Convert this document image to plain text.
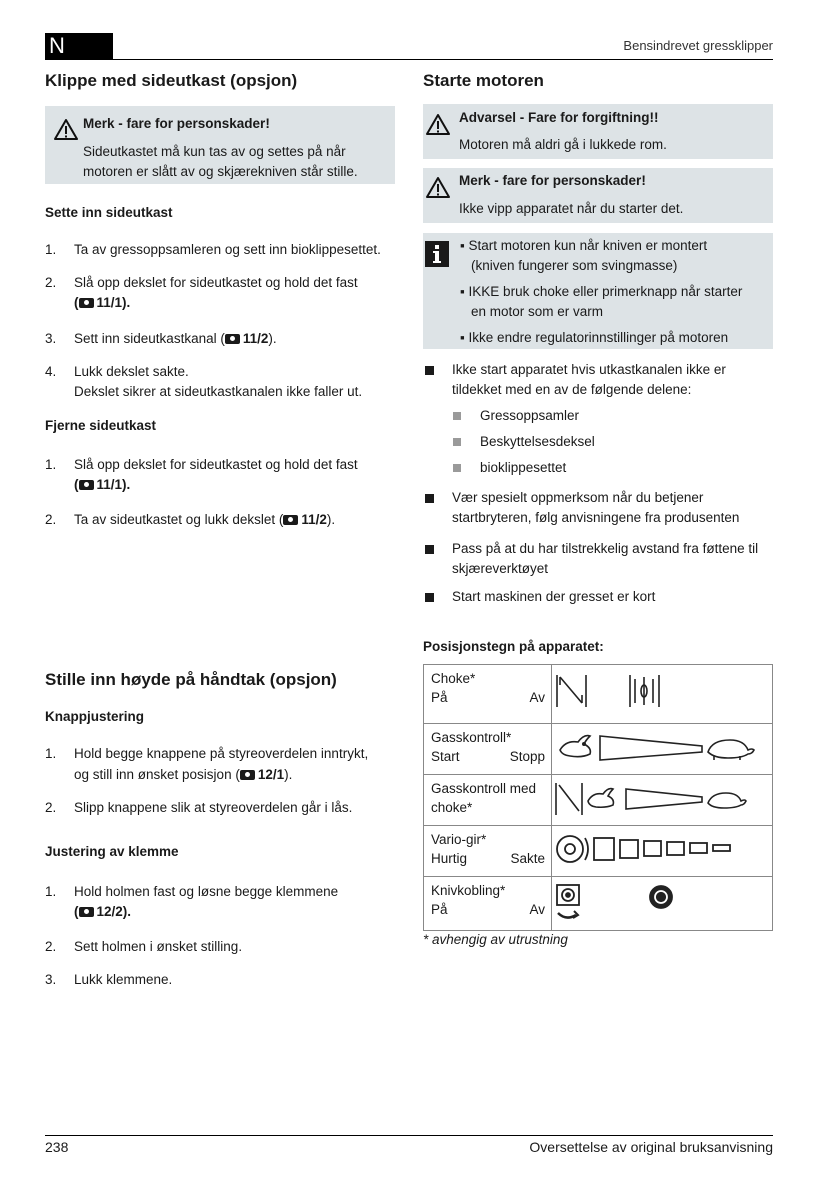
N	Bensindrevet gressklipper
Klippe med sideutkast (opsjon)
Merk - fare for personskader!
Sideutkastet må kun tas av og settes på når
motoren er slått av og skjærekniven står stille.
Sette inn sideutkast
1. Ta av gressoppsamleren og sett inn bioklippesettet.
2. Slå opp dekslet for sideutkastet og hold det fast
( 11/1).
3. Sett inn sideutkastkanal ( 11/2).
4. Lukk dekslet sakte.
Dekslet sikrer at sideutkastkanalen ikke faller ut.
Fjerne sideutkast
1. Slå opp dekslet for sideutkastet og hold det fast
( 11/1).
2. Ta av sideutkastet og lukk dekslet ( 11/2).
Stille inn høyde på håndtak (opsjon)
Knappjustering
1. Hold begge knappene på styreoverdelen inntrykt,
og still inn ønsket posisjon ( 12/1).
2. Slipp knappene slik at styreoverdelen går i lås.
Justering av klemme
1. Hold holmen fast og løsne begge klemmene
( 12/2).
2. Sett holmen i ønsket stilling.
3. Lukk klemmene.
Starte motoren
Advarsel - Fare for forgiftning!!
Motoren må aldri gå i lukkede rom.
Merk - fare for personskader!
Ikke vipp apparatet når du starter det.
▪ Start motoren kun når kniven er montert
(kniven fungerer som svingmasse)
▪ IKKE bruk choke eller primerknapp når starter
en motor som er varm
▪ Ikke endre regulatorinnstillinger på motoren
Ikke start apparatet hvis utkastkanalen ikke er
tildekket med en av de følgende delene:
Gressoppsamler
Beskyttelsesdeksel
bioklippesettet
Vær spesielt oppmerksom når du betjener
startbryteren, følg anvisningene fra produsenten
Pass på at du har tilstrekkelig avstand fra føttene til
skjæreverktøyet
Start maskinen der gresset er kort
Posisjonstegn på apparatet:
Choke*
På Av

Gasskontroll*
Start Stopp

Gasskontroll med
choke*

Vario-gir*
Hurtig Sakte

Knivkobling*
På Av

* avhengig av utrustning
238	Oversettelse av original bruksanvisning
